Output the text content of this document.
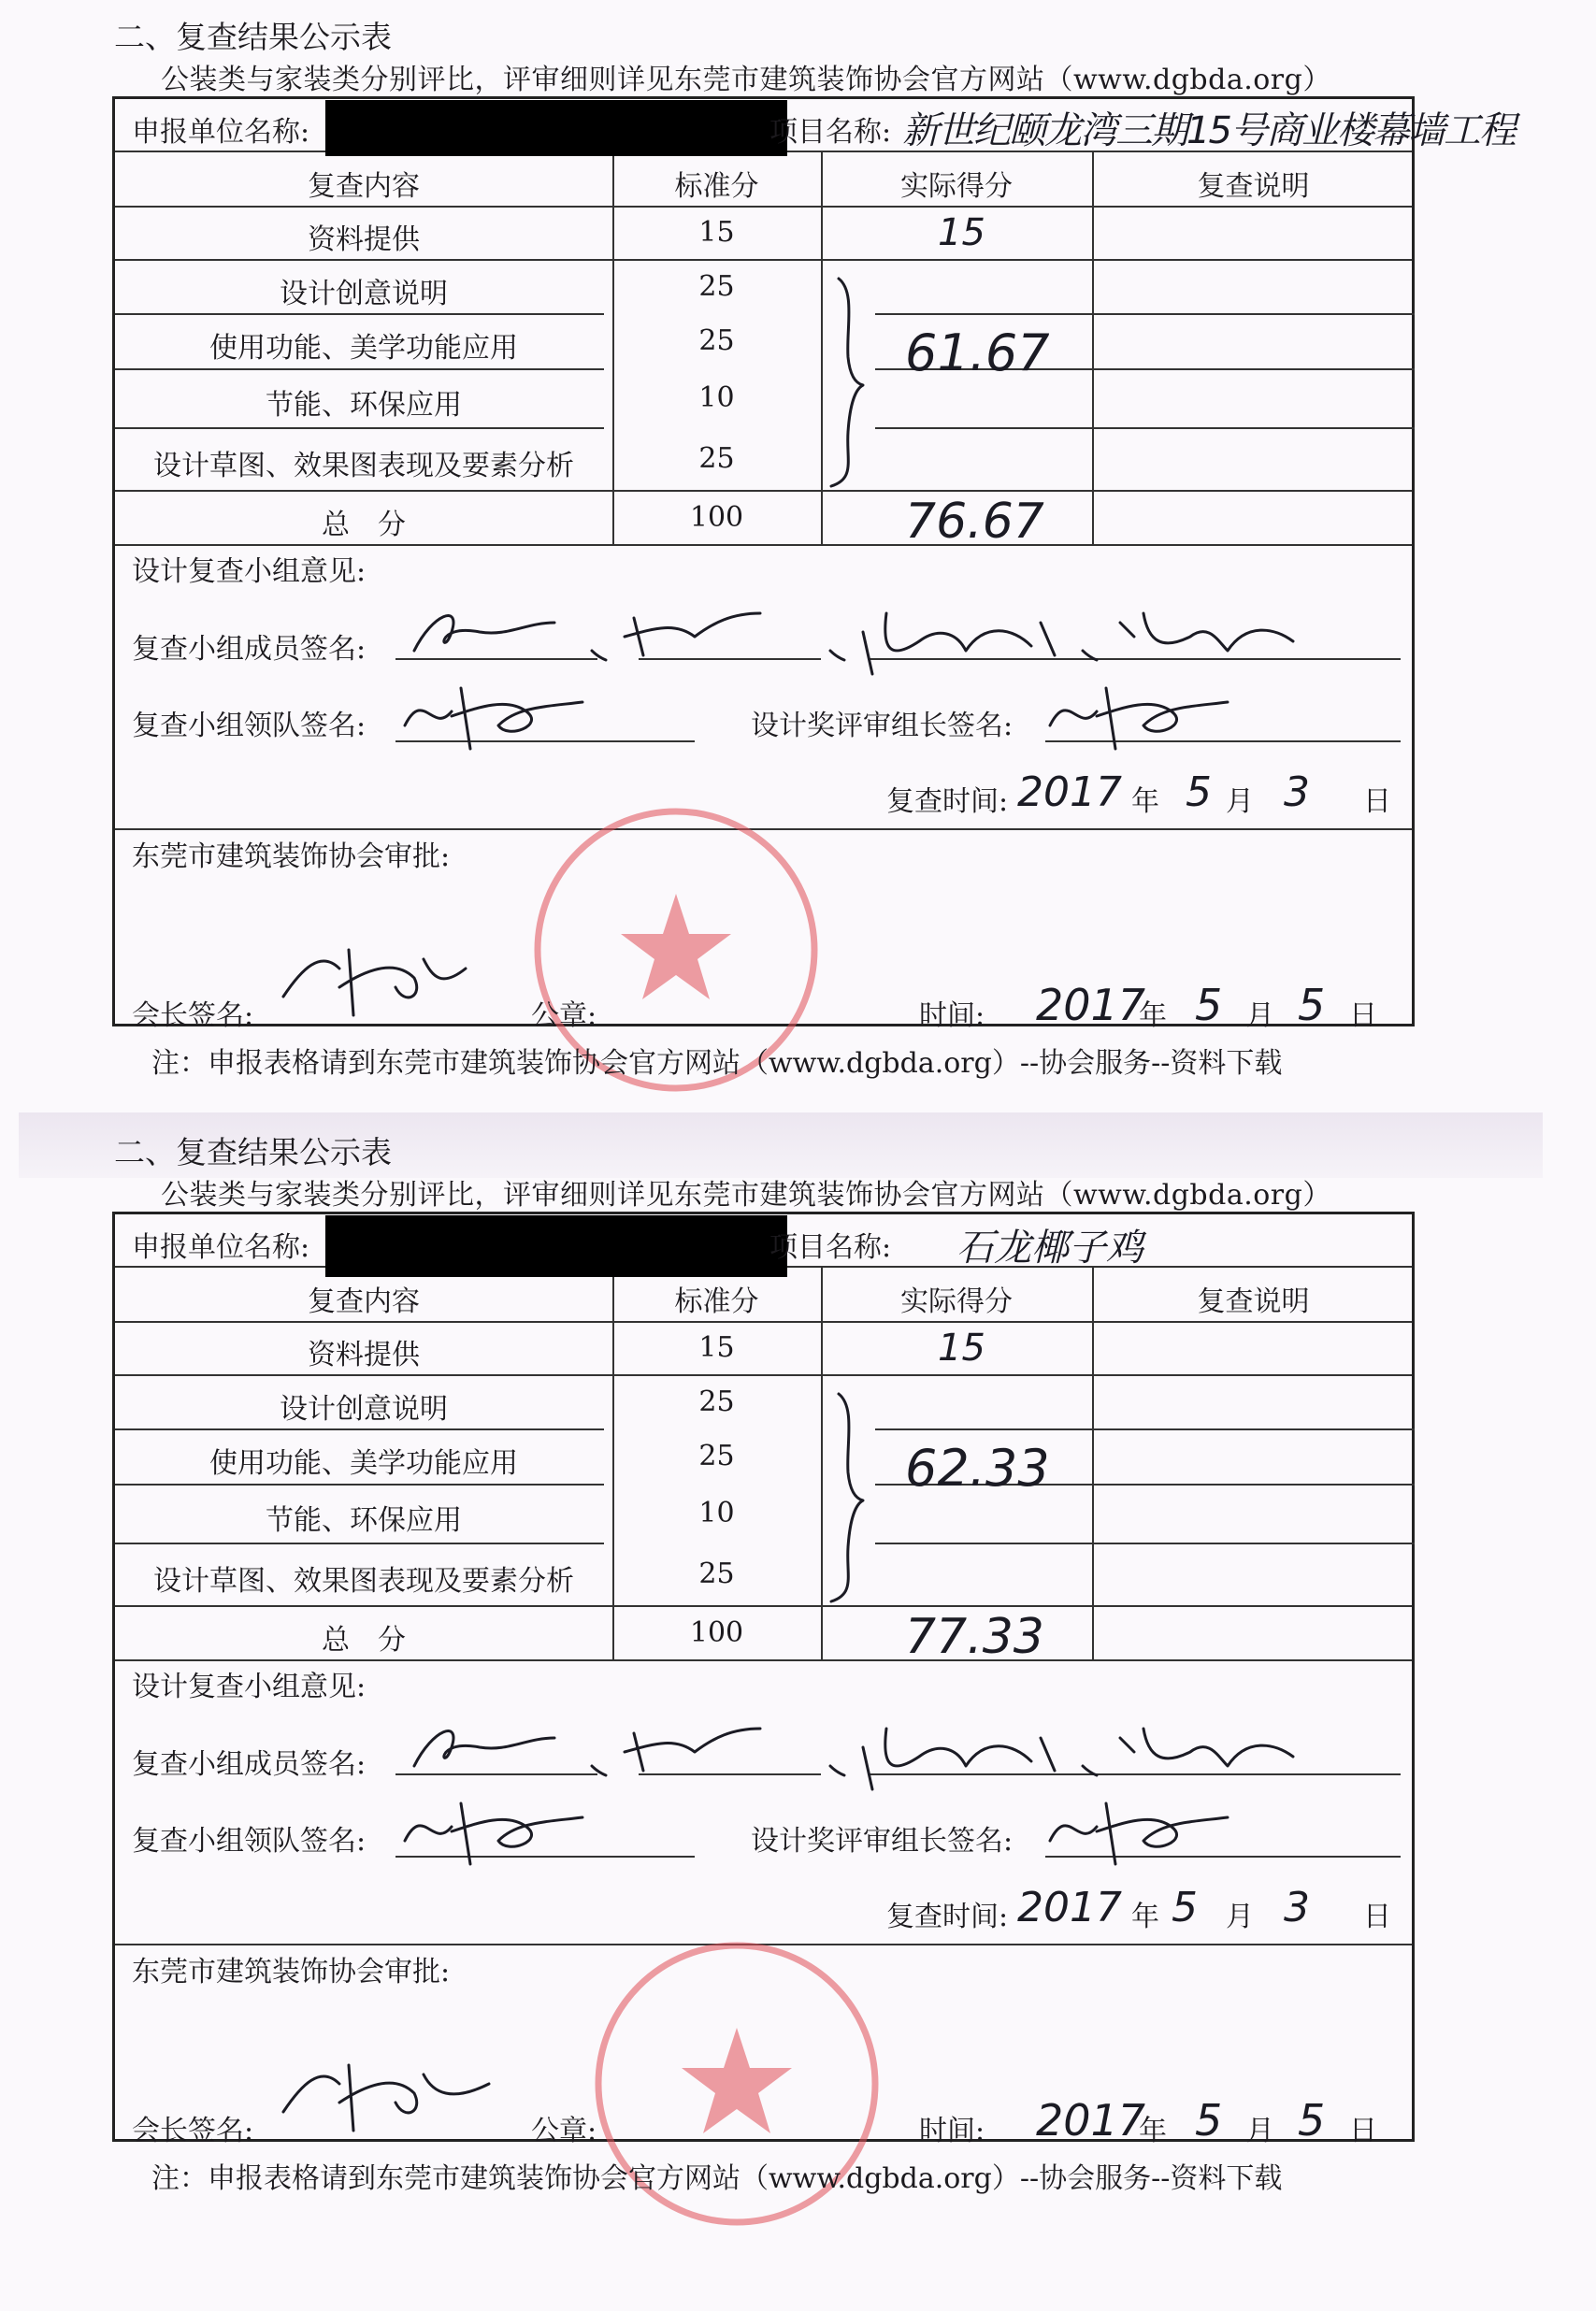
二、复查结果公示表
公装类与家装类分别评比，评审细则详见东莞市建筑装饰协会官方网站（www.dgbda.org）
申报单位名称:	项目名称: 新世纪颐龙湾三期15号商业楼幕墙工程
复查内容	标准分	实际得分	复查说明
资料提供	15	15
设计创意说明	25
使用功能、美学功能应用	25
节能、环保应用	10
设计草图、效果图表现及要素分析	25
61.67
总　分	100	76.67
设计复查小组意见:
复查小组成员签名:
复查小组领队签名:	设计奖评审组长签名:
复查时间: 2017 年 5 月 3 日
东莞市建筑装饰协会审批:
会长签名:	公章:	时间: 2017
年 5 月 5 日
注：申报表格请到东莞市建筑装饰协会官方网站（www.dgbda.org）--协会服务--资料下载
二、复查结果公示表
公装类与家装类分别评比，评审细则详见东莞市建筑装饰协会官方网站（www.dgbda.org）
申报单位名称:	项目名称: 石龙椰子鸡
复查内容	标准分	实际得分	复查说明
资料提供	15	15
设计创意说明	25
使用功能、美学功能应用	25
节能、环保应用	10
设计草图、效果图表现及要素分析	25
62.33
总　分	100	77.33
设计复查小组意见:
复查小组成员签名:
复查小组领队签名:	设计奖评审组长签名:
复查时间: 2017 年 5 月 3 日
东莞市建筑装饰协会审批:
会长签名:	公章:	时间: 2017
年 5 月 5 日
注：申报表格请到东莞市建筑装饰协会官方网站（www.dgbda.org）--协会服务--资料下载
